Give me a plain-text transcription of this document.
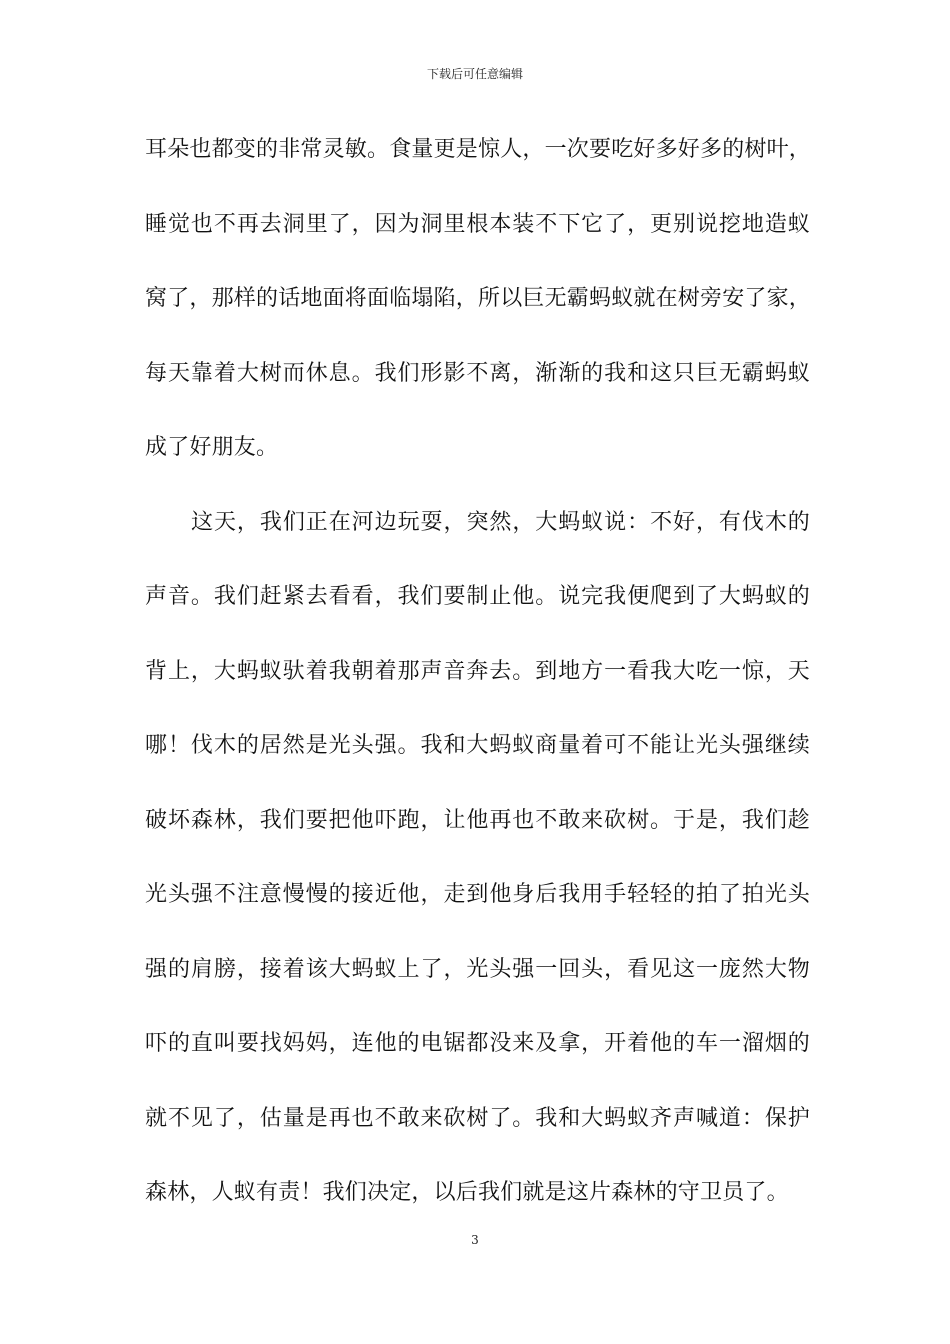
下载后可任意编辑
耳朵也都变的非常灵敏。食量更是惊人，一次要吃好多好多的树叶，
睡觉也不再去洞里了，因为洞里根本装不下它了，更别说挖地造蚁
窝了，那样的话地面将面临塌陷，所以巨无霸蚂蚁就在树旁安了家，
每天靠着大树而休息。我们形影不离，渐渐的我和这只巨无霸蚂蚁
成了好朋友。
这天，我们正在河边玩耍，突然，大蚂蚁说：不好，有伐木的
声音。我们赶紧去看看，我们要制止他。说完我便爬到了大蚂蚁的
背上，大蚂蚁驮着我朝着那声音奔去。到地方一看我大吃一惊，天
哪！伐木的居然是光头强。我和大蚂蚁商量着可不能让光头强继续
破坏森林，我们要把他吓跑，让他再也不敢来砍树。于是，我们趁
光头强不注意慢慢的接近他，走到他身后我用手轻轻的拍了拍光头
强的肩膀，接着该大蚂蚁上了，光头强一回头，看见这一庞然大物
吓的直叫要找妈妈，连他的电锯都没来及拿，开着他的车一溜烟的
就不见了，估量是再也不敢来砍树了。我和大蚂蚁齐声喊道：保护
森林，人蚁有责！我们决定，以后我们就是这片森林的守卫员了。
3
